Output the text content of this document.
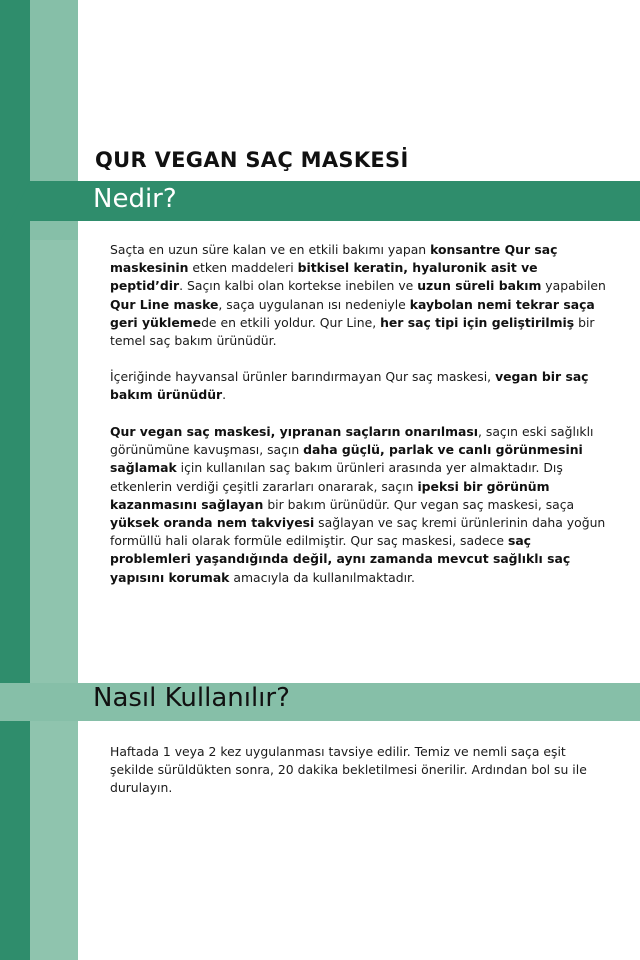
QUR VEGAN SAÇ MASKESİ
Nedir?

Saçta en uzun süre kalan ve en etkili bakımı yapan konsantre Qur saç maskesinin etken maddeleri bitkisel keratin, hyaluronik asit ve peptid’dir. Saçın kalbi olan kortekse inebilen ve uzun süreli bakım yapabilen Qur Line maske, saça uygulanan ısı nedeniyle kaybolan nemi tekrar saça geri yüklemede en etkili yoldur. Qur Line, her saç tipi için geliştirilmiş bir temel saç bakım ürünüdür.

İçeriğinde hayvansal ürünler barındırmayan Qur saç maskesi, vegan bir saç bakım ürünüdür.

Qur vegan saç maskesi, yıpranan saçların onarılması, saçın eski sağlıklı görünümüne kavuşması, saçın daha güçlü, parlak ve canlı görünmesini sağlamak için kullanılan saç bakım ürünleri arasında yer almaktadır. Dış etkenlerin verdiği çeşitli zararları onararak, saçın ipeksi bir görünüm kazanmasını sağlayan bir bakım ürünüdür. Qur vegan saç maskesi, saça yüksek oranda nem takviyesi sağlayan ve saç kremi ürünlerinin daha yoğun formüllü hali olarak formüle edilmiştir. Qur saç maskesi, sadece saç problemleri yaşandığında değil, aynı zamanda mevcut sağlıklı saç yapısını korumak amacıyla da kullanılmaktadır.

Nasıl Kullanılır?

Haftada 1 veya 2 kez uygulanması tavsiye edilir. Temiz ve nemli saça eşit şekilde sürüldükten sonra, 20 dakika bekletilmesi önerilir. Ardından bol su ile durulayın.
